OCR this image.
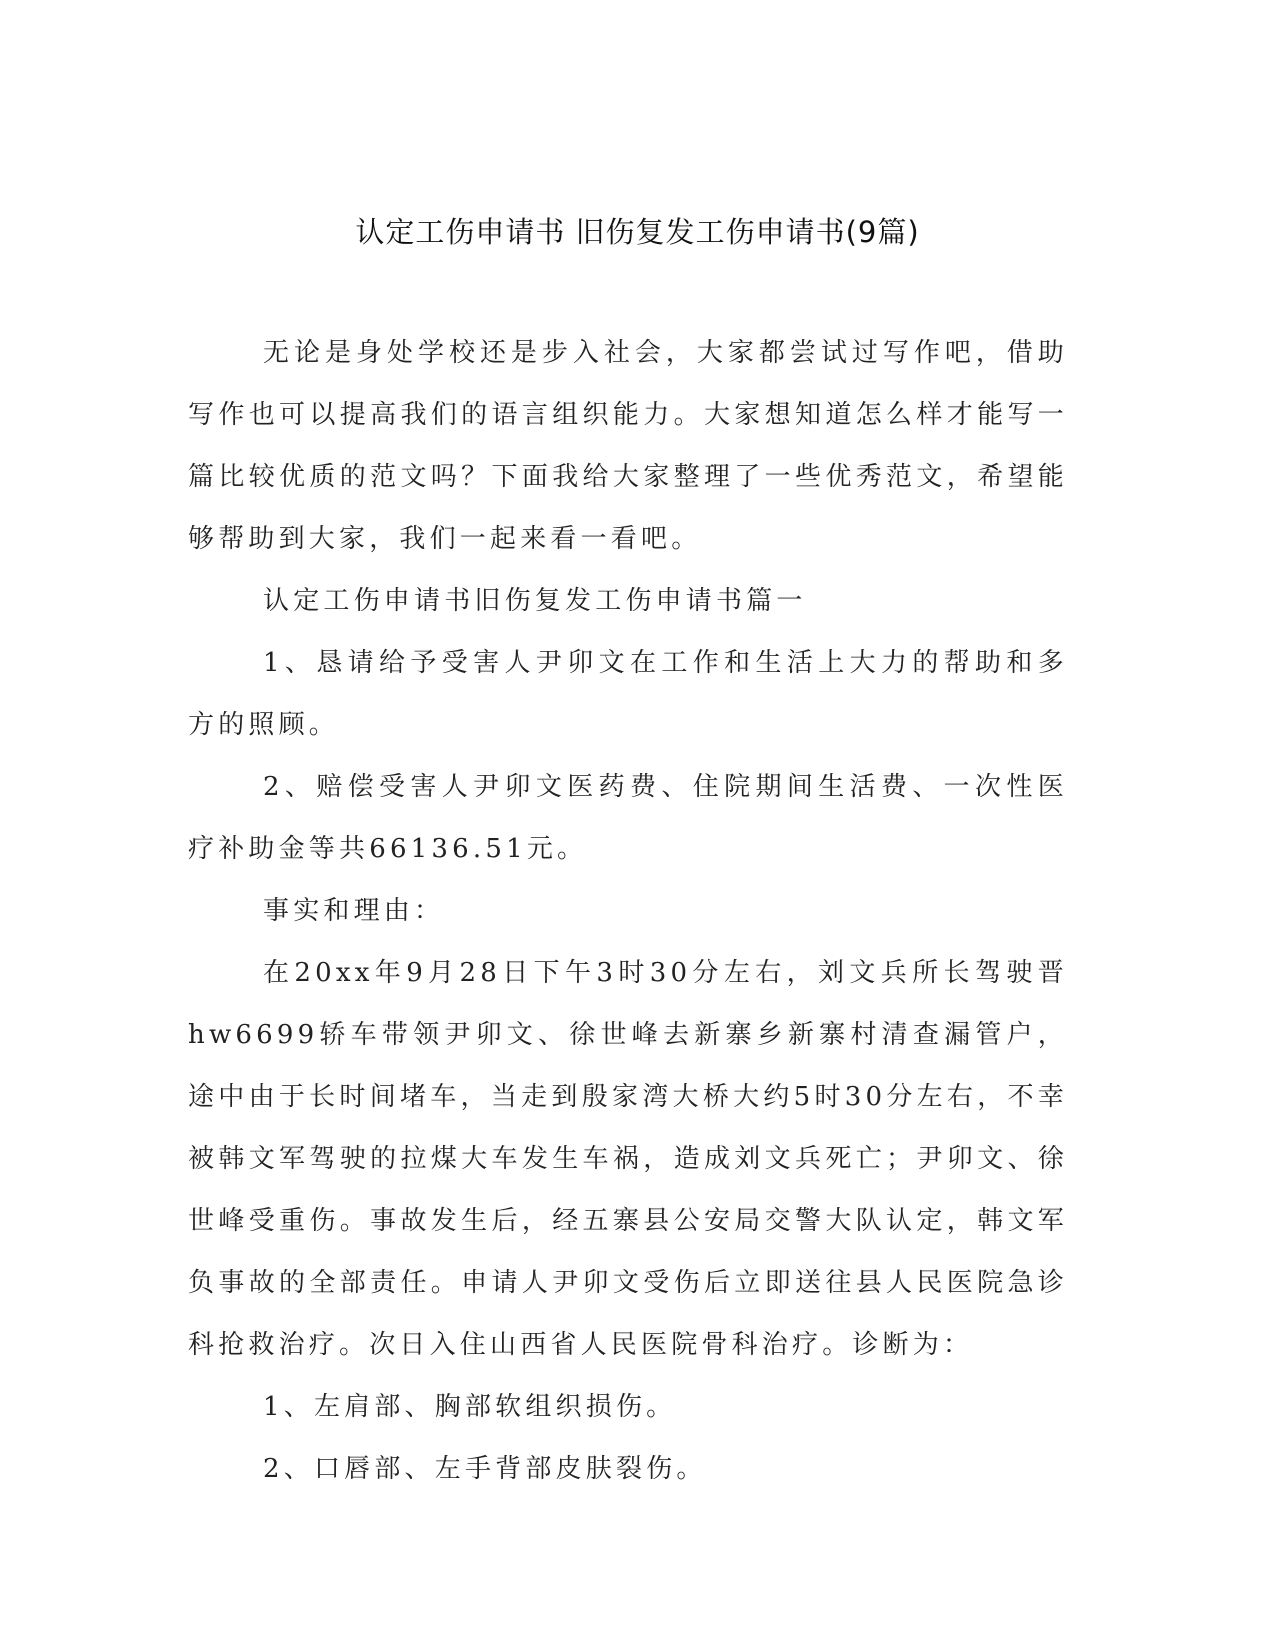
认定工伤申请书 旧伤复发工伤申请书(9篇)

无论是身处学校还是步入社会，大家都尝试过写作吧，借助写作也可以提高我们的语言组织能力。大家想知道怎么样才能写一篇比较优质的范文吗？下面我给大家整理了一些优秀范文，希望能够帮助到大家，我们一起来看一看吧。

认定工伤申请书旧伤复发工伤申请书篇一

1、恳请给予受害人尹卯文在工作和生活上大力的帮助和多方的照顾。

2、赔偿受害人尹卯文医药费、住院期间生活费、一次性医疗补助金等共66136.51元。

事实和理由：

在20xx年9月28日下午3时30分左右，刘文兵所长驾驶晋hw6699轿车带领尹卯文、徐世峰去新寨乡新寨村清查漏管户，途中由于长时间堵车，当走到殷家湾大桥大约5时30分左右，不幸被韩文军驾驶的拉煤大车发生车祸，造成刘文兵死亡；尹卯文、徐世峰受重伤。事故发生后，经五寨县公安局交警大队认定，韩文军负事故的全部责任。申请人尹卯文受伤后立即送往县人民医院急诊科抢救治疗。次日入住山西省人民医院骨科治疗。诊断为：

1、左肩部、胸部软组织损伤。

2、口唇部、左手背部皮肤裂伤。
